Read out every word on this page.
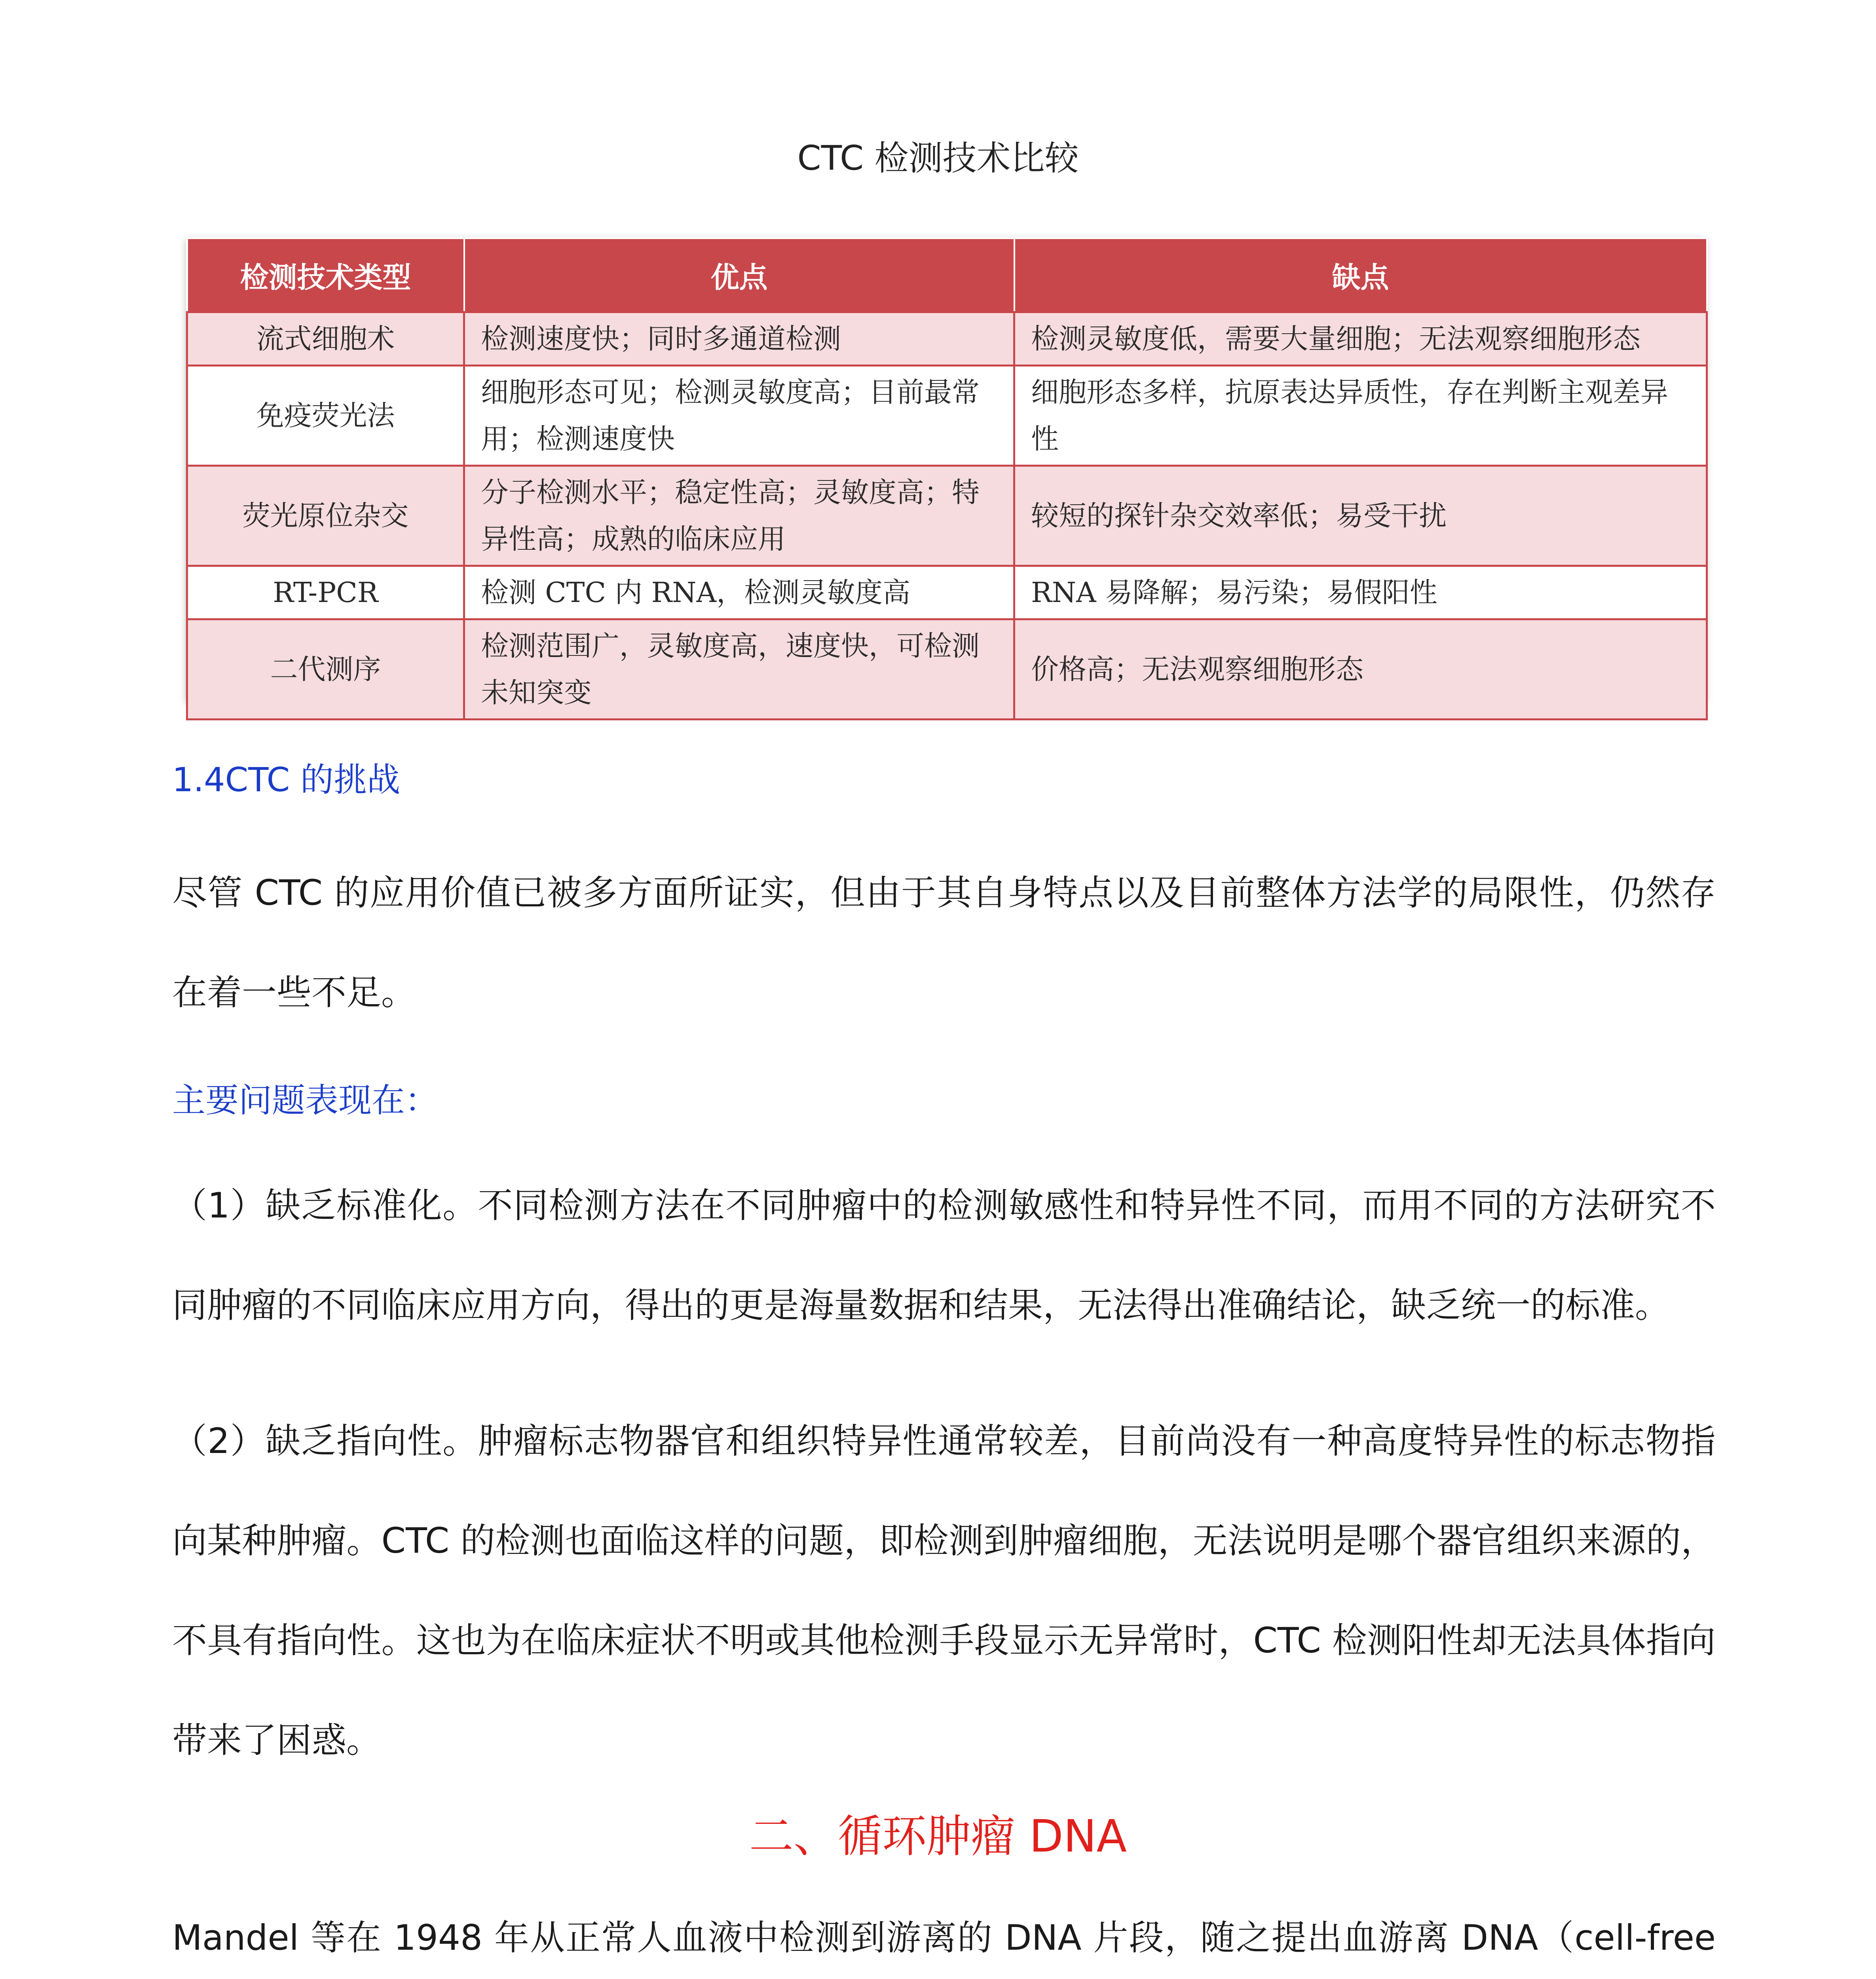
CTC 检测技术比较
检测技术类型	优点	缺点
流式细胞术	检测速度快；同时多通道检测	检测灵敏度低，需要大量细胞；无法观察细胞形态
免疫荧光法	细胞形态可见；检测灵敏度高；目前最常用；检测速度快	细胞形态多样，抗原表达异质性，存在判断主观差异性
荧光原位杂交	分子检测水平；稳定性高；灵敏度高；特异性高；成熟的临床应用	较短的探针杂交效率低；易受干扰
RT-PCR	检测 CTC 内 RNA，检测灵敏度高	RNA 易降解；易污染；易假阳性
二代测序	检测范围广，灵敏度高，速度快，可检测未知突变	价格高；无法观察细胞形态
1.4CTC 的挑战
尽管 CTC 的应用价值已被多方面所证实，但由于其自身特点以及目前整体方法学的局限性，仍然存在着一些不足。
主要问题表现在：
（1）缺乏标准化。不同检测方法在不同肿瘤中的检测敏感性和特异性不同，而用不同的方法研究不同肿瘤的不同临床应用方向，得出的更是海量数据和结果，无法得出准确结论，缺乏统一的标准。
（2）缺乏指向性。肿瘤标志物器官和组织特异性通常较差，目前尚没有一种高度特异性的标志物指向某种肿瘤。CTC 的检测也面临这样的问题，即检测到肿瘤细胞，无法说明是哪个器官组织来源的，不具有指向性。这也为在临床症状不明或其他检测手段显示无异常时，CTC 检测阳性却无法具体指向带来了困惑。
二、循环肿瘤 DNA
Mandel 等在 1948 年从正常人血液中检测到游离的 DNA 片段，随之提出血游离 DNA（cell-free
